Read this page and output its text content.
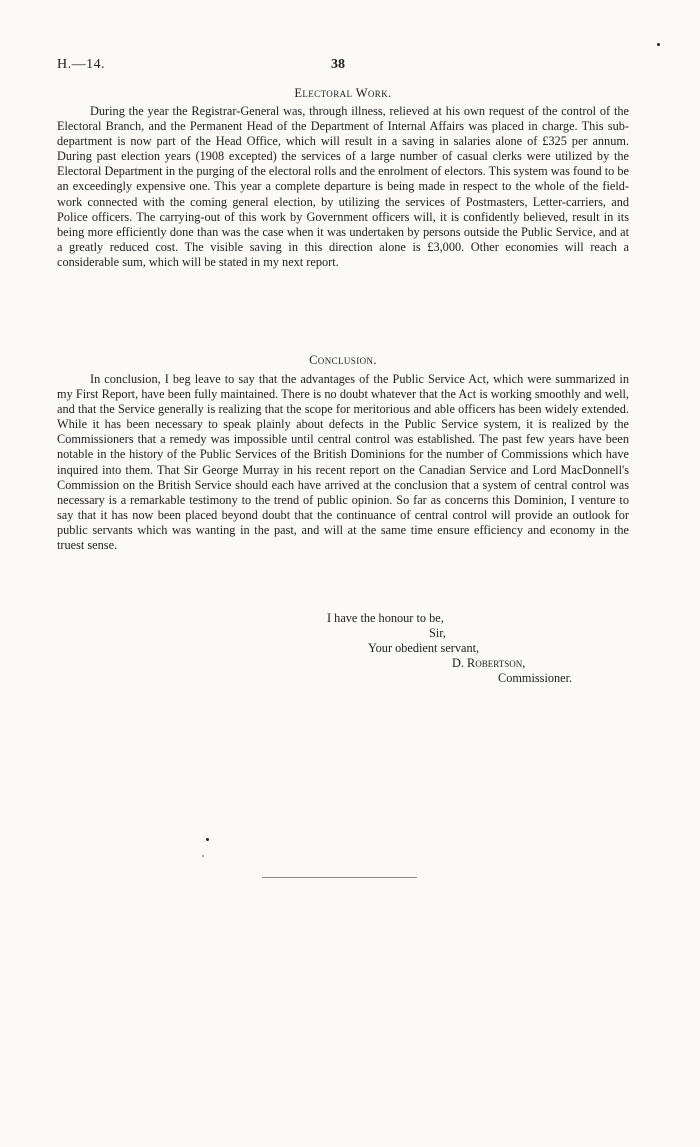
H.—14.	38
Electoral Work.

During the year the Registrar-General was, through illness, relieved at his own request of the control of the Electoral Branch, and the Permanent Head of the Department of Internal Affairs was placed in charge. This sub-department is now part of the Head Office, which will result in a saving in salaries alone of £325 per annum. During past election years (1908 excepted) the services of a large number of casual clerks were utilized by the Electoral Department in the purging of the electoral rolls and the enrolment of electors. This system was found to be an exceedingly expensive one. This year a complete departure is being made in respect to the whole of the field-work connected with the coming general election, by utilizing the services of Postmasters, Letter-carriers, and Police officers. The carrying-out of this work by Government officers will, it is confidently believed, result in its being more efficiently done than was the case when it was undertaken by persons outside the Public Service, and at a greatly reduced cost. The visible saving in this direction alone is £3,000. Other economies will reach a considerable sum, which will be stated in my next report.

Conclusion.

In conclusion, I beg leave to say that the advantages of the Public Service Act, which were summarized in my First Report, have been fully maintained. There is no doubt whatever that the Act is working smoothly and well, and that the Service generally is realizing that the scope for meritorious and able officers has been widely extended. While it has been necessary to speak plainly about defects in the Public Service system, it is realized by the Commissioners that a remedy was impossible until central control was established. The past few years have been notable in the history of the Public Services of the British Dominions for the number of Commissions which have inquired into them. That Sir George Murray in his recent report on the Canadian Service and Lord MacDonnell's Commission on the British Service should each have arrived at the conclusion that a system of central control was necessary is a remarkable testimony to the trend of public opinion. So far as concerns this Dominion, I venture to say that it has now been placed beyond doubt that the continuance of central control will provide an outlook for public servants which was wanting in the past, and will at the same time ensure efficiency and economy in the truest sense.

I have the honour to be,
Sir,
Your obedient servant,
D. Robertson,
Commissioner.
